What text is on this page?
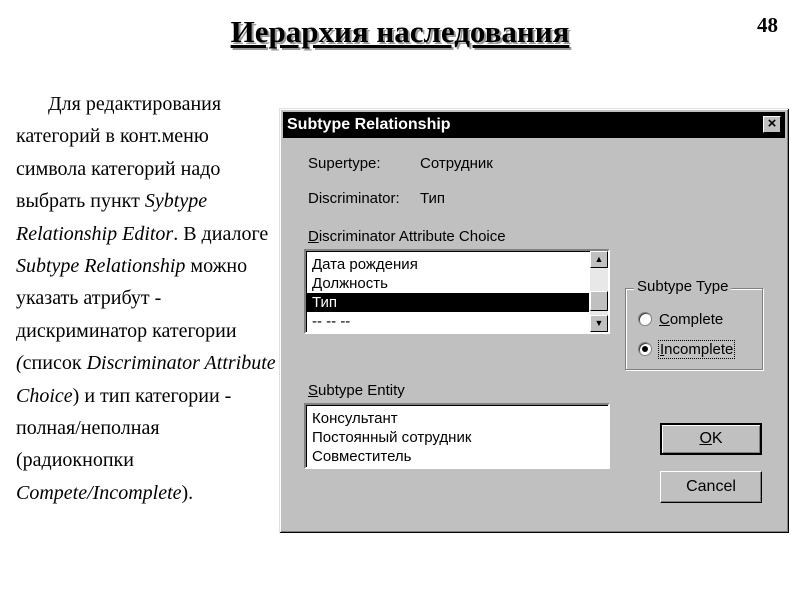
Иерархия наследования	48

Для редактирования категорий в конт.меню символа категорий надо выбрать пункт Sybtype Relationship Editor. В диалоге Subtype Relationship можно указать атрибут - дискриминатор категории (список Discriminator Attribute Choice) и тип категории - полная/неполная (радиокнопки Compete/Incomplete).

Subtype Relationship	×
Supertype:	Сотрудник
Discriminator: Тип
Discriminator Attribute Choice
Дата рождения
Должность
Тип
-- -- --
▲
▼
Subtype Type
Complete
Incomplete
Subtype Entity
Консультант
Постоянный сотрудник
Совместитель
OK
Cancel
